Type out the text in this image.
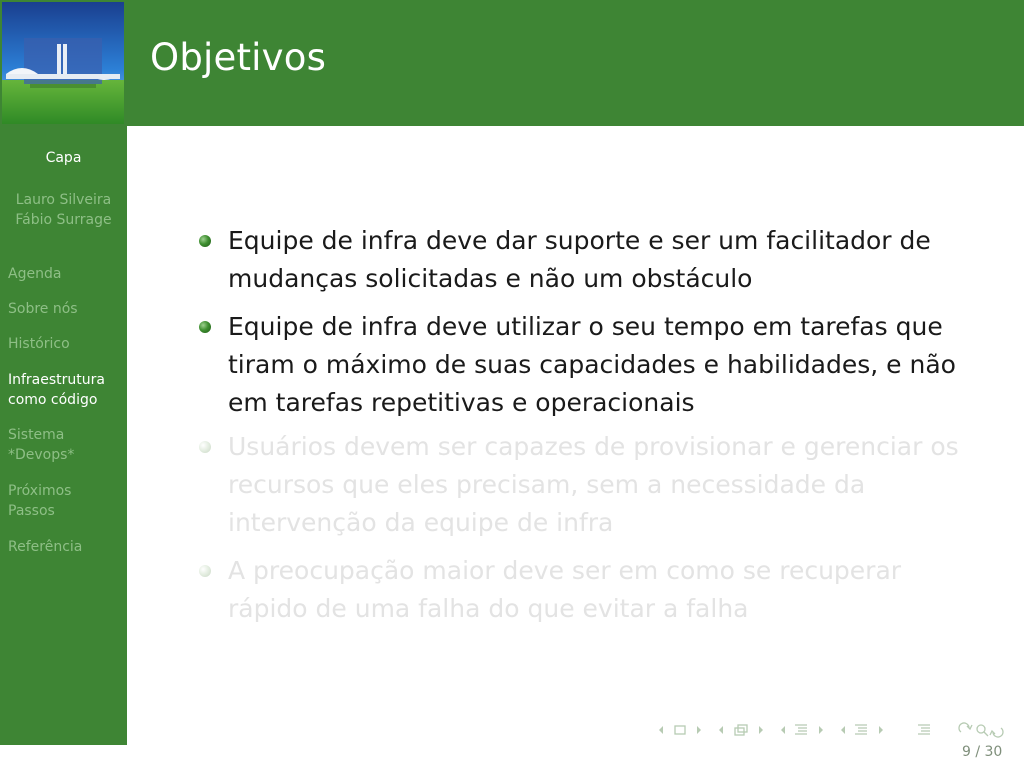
Objetivos
Capa
Lauro Silveira
Fábio Surrage
Agenda
Sobre nós
Histórico
Infraestrutura
como código
Sistema
*Devops*
Próximos
Passos
Referência
Equipe de infra deve dar suporte e ser um facilitador de
mudanças solicitadas e não um obstáculo
Equipe de infra deve utilizar o seu tempo em tarefas que
tiram o máximo de suas capacidades e habilidades, e não
em tarefas repetitivas e operacionais
Usuários devem ser capazes de provisionar e gerenciar os
recursos que eles precisam, sem a necessidade da
intervenção da equipe de infra
A preocupação maior deve ser em como se recuperar
rápido de uma falha do que evitar a falha
9 / 30
